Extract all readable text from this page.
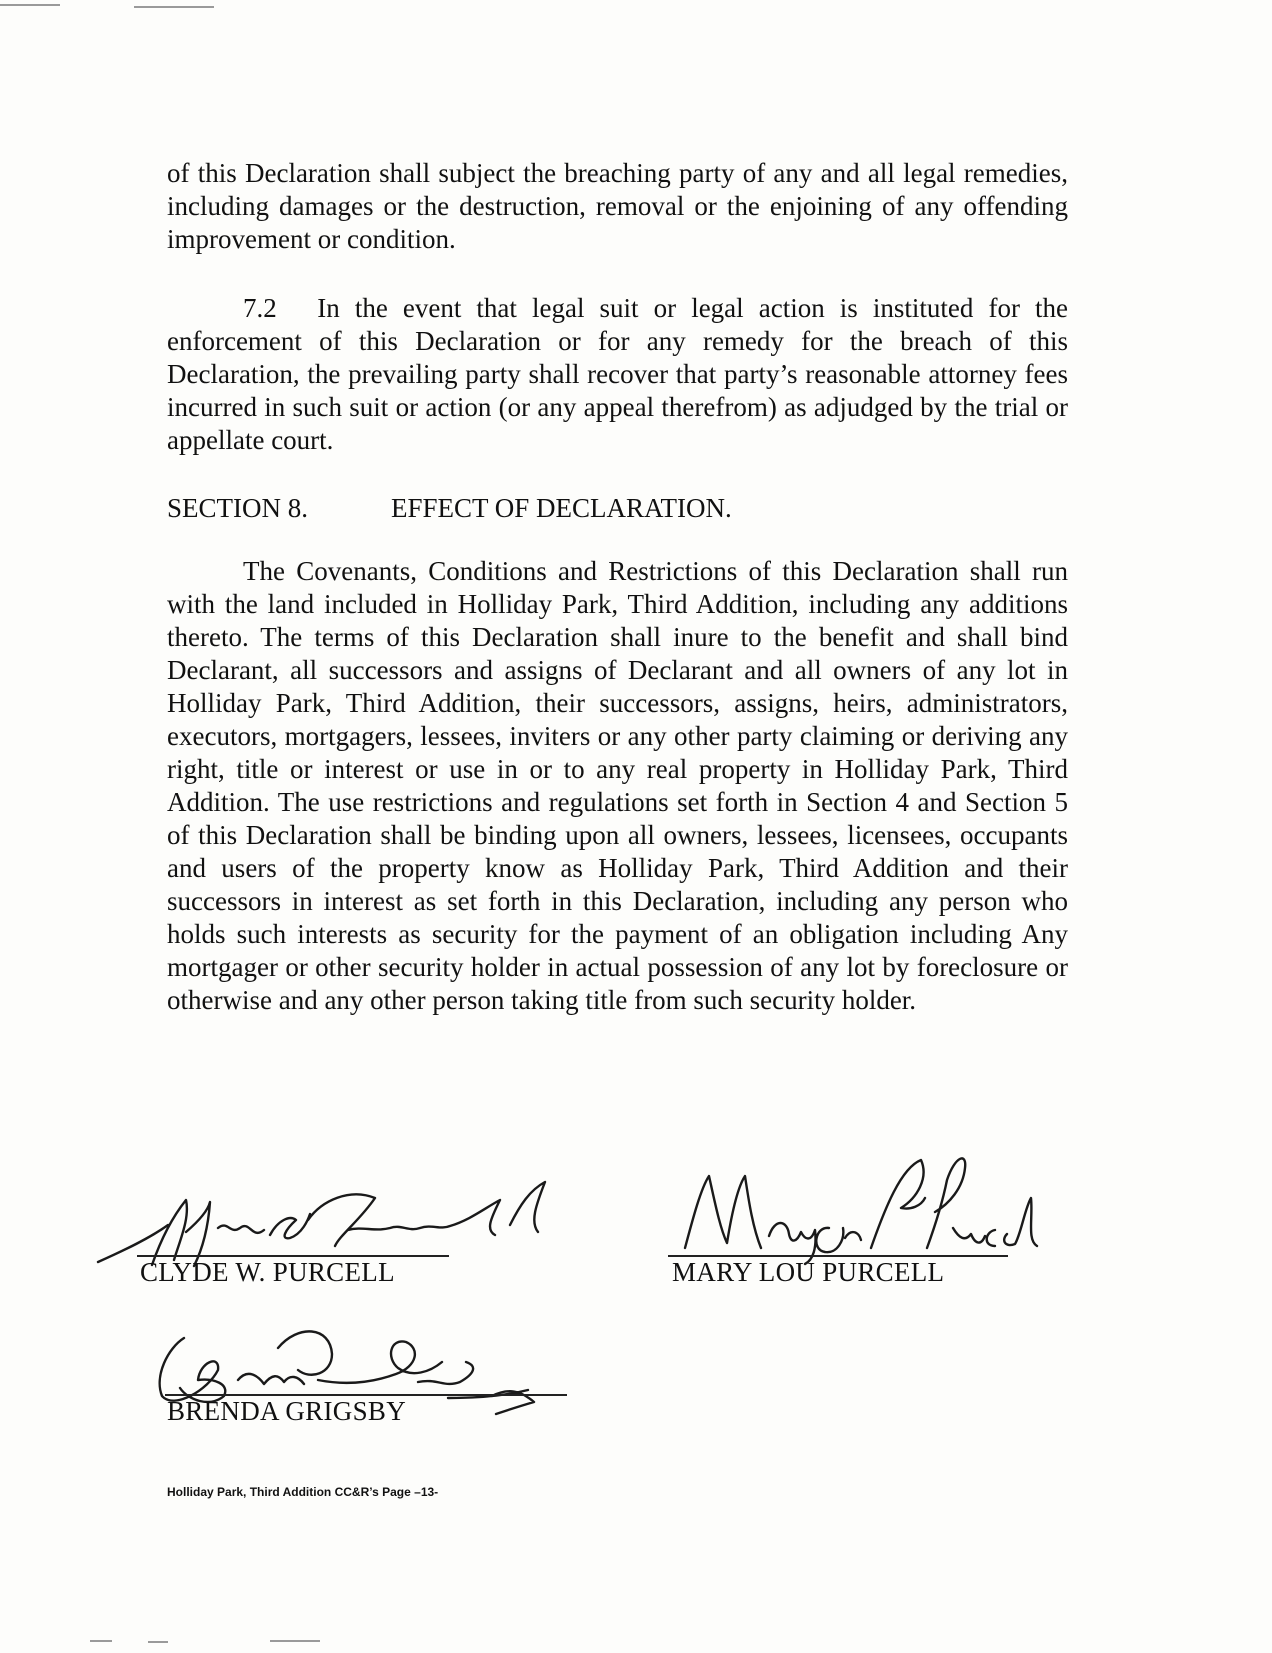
of this Declaration shall subject the breaching party of any and all legal remedies, including damages or the destruction, removal or the enjoining of any offending improvement or condition.

7.2  In the event that legal suit or legal action is instituted for the enforcement of this Declaration or for any remedy for the breach of this Declaration, the prevailing party shall recover that party’s reasonable attorney fees incurred in such suit or action (or any appeal therefrom) as adjudged by the trial or appellate court.

SECTION 8.	EFFECT OF DECLARATION.

The Covenants, Conditions and Restrictions of this Declaration shall run with the land included in Holliday Park, Third Addition, including any additions thereto. The terms of this Declaration shall inure to the benefit and shall bind Declarant, all successors and assigns of Declarant and all owners of any lot in Holliday Park, Third Addition, their successors, assigns, heirs, administrators, executors, mortgagers, lessees, inviters or any other party claiming or deriving any right, title or interest or use in or to any real property in Holliday Park, Third Addition. The use restrictions and regulations set forth in Section 4 and Section 5 of this Declaration shall be binding upon all owners, lessees, licensees, occupants and users of the property know as Holliday Park, Third Addition and their successors in interest as set forth in this Declaration, including any person who holds such interests as security for the payment of an obligation including Any mortgager or other security holder in actual possession of any lot by foreclosure or otherwise and any other person taking title from such security holder.

CLYDE W. PURCELL	MARY LOU PURCELL
BRENDA GRIGSBY
Holliday Park, Third Addition CC&R’s Page –13-
